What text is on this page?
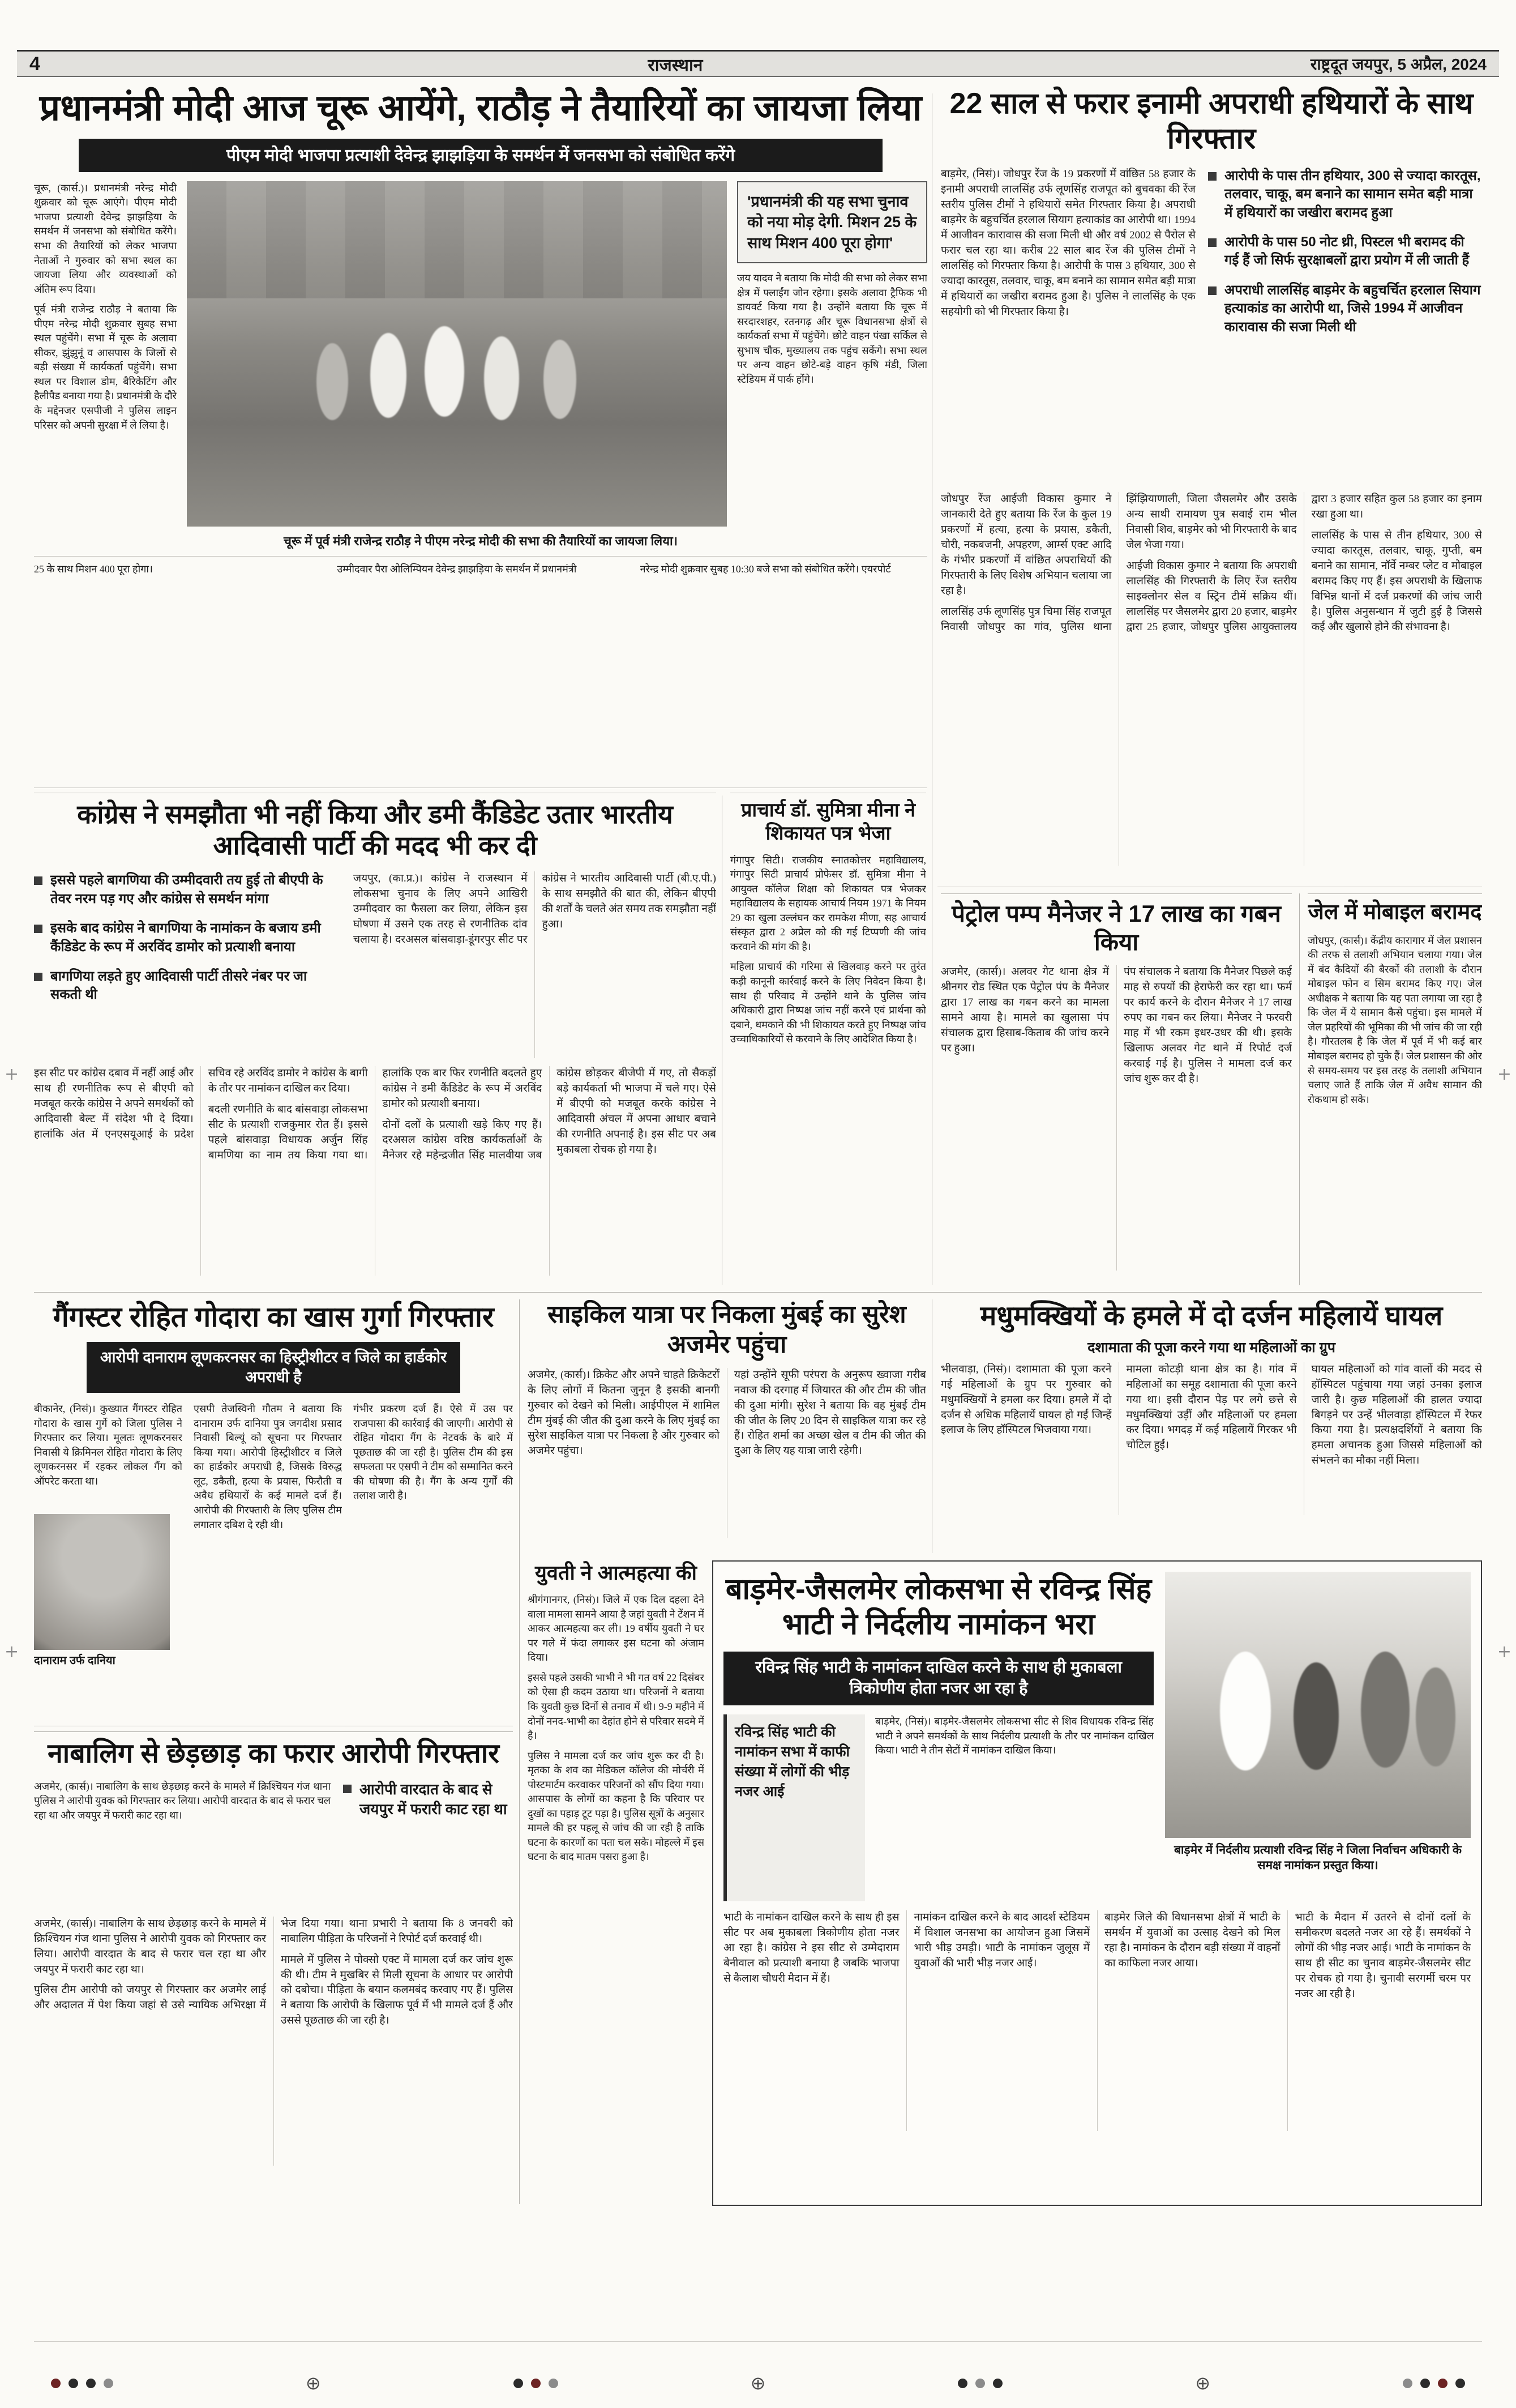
4	राजस्थान	राष्ट्रदूत जयपुर, 5 अप्रैल, 2024
प्रधानमंत्री मोदी आज चूरू आयेंगे, राठौड़ ने तैयारियों का जायजा लिया
पीएम मोदी भाजपा प्रत्याशी देवेन्द्र झाझड़िया के समर्थन में जनसभा को संबोधित करेंगे

चूरू, (कार्स.)। प्रधानमंत्री नरेन्द्र मोदी शुक्रवार को चूरू आएंगे। पीएम मोदी भाजपा प्रत्याशी देवेन्द्र झाझड़िया के समर्थन में जनसभा को संबोधित करेंगे। सभा की तैयारियों को लेकर भाजपा नेताओं ने गुरुवार को सभा स्थल का जायजा लिया और व्यवस्थाओं को अंतिम रूप दिया।

पूर्व मंत्री राजेन्द्र राठौड़ ने बताया कि पीएम नरेन्द्र मोदी शुक्रवार सुबह सभा स्थल पहुंचेंगे। सभा में चूरू के अलावा सीकर, झुंझुनूं व आसपास के जिलों से बड़ी संख्या में कार्यकर्ता पहुंचेंगे। सभा स्थल पर विशाल डोम, बैरिकेटिंग और हैलीपैड बनाया गया है। प्रधानमंत्री के दौरे के मद्देनजर एसपीजी ने पुलिस लाइन परिसर को अपनी सुरक्षा में ले लिया है।

'प्रधानमंत्री की यह सभा चुनाव को नया मोड़ देगी. मिशन 25 के साथ मिशन 400 पूरा होगा'

जय यादव ने बताया कि मोदी की सभा को लेकर सभा क्षेत्र में फ्लाईंग जोन रहेगा। इसके अलावा ट्रैफिक भी डायवर्ट किया गया है। उन्होंने बताया कि चूरू में सरदारशहर, रतनगढ़ और चूरू विधानसभा क्षेत्रों से कार्यकर्ता सभा में पहुंचेंगे। छोटे वाहन पंखा सर्किल से सुभाष चौक, मुख्यालय तक पहुंच सकेंगे। सभा स्थल पर अन्य वाहन छोटे-बड़े वाहन कृषि मंडी, जिला स्टेडियम में पार्क होंगे।

चूरू में पूर्व मंत्री राजेन्द्र राठौड़ ने पीएम नरेन्द्र मोदी की सभा की तैयारियों का जायजा लिया।
25 के साथ मिशन 400 पूरा होगा।	उम्मीदवार पैरा ओलिम्पियन देवेन्द्र झाझड़िया के समर्थन में प्रधानमंत्री	नरेन्द्र मोदी शुक्रवार सुबह 10:30 बजे सभा को संबोधित करेंगे। एयरपोर्ट
22 साल से फरार इनामी अपराधी हथियारों के साथ गिरफ्तार

बाड़मेर, (निसं)। जोधपुर रेंज के 19 प्रकरणों में वांछित 58 हजार के इनामी अपराधी लालसिंह उर्फ लूणसिंह राजपूत को बुचवका की रेंज स्तरीय पुलिस टीमों ने हथियारों समेत गिरफ्तार किया है। अपराधी बाड़मेर के बहुचर्चित हरलाल सियाग हत्याकांड का आरोपी था। 1994 में आजीवन कारावास की सजा मिली थी और वर्ष 2002 से पैरोल से फरार चल रहा था। करीब 22 साल बाद रेंज की पुलिस टीमों ने लालसिंह को गिरफ्तार किया है। आरोपी के पास 3 हथियार, 300 से ज्यादा कारतूस, तलवार, चाकू, बम बनाने का सामान समेत बड़ी मात्रा में हथियारों का जखीरा बरामद हुआ है। पुलिस ने लालसिंह के एक सहयोगी को भी गिरफ्तार किया है।

आरोपी के पास तीन हथियार, 300 से ज्यादा कारतूस, तलवार, चाकू, बम बनाने का सामान समेत बड़ी मात्रा में हथियारों का जखीरा बरामद हुआ
आरोपी के पास 50 नोट थ्री, पिस्टल भी बरामद की गई हैं जो सिर्फ सुरक्षाबलों द्वारा प्रयोग में ली जाती हैं
अपराधी लालसिंह बाड़मेर के बहुचर्चित हरलाल सियाग हत्याकांड का आरोपी था, जिसे 1994 में आजीवन कारावास की सजा मिली थी

जोधपुर रेंज आईजी विकास कुमार ने जानकारी देते हुए बताया कि रेंज के कुल 19 प्रकरणों में हत्या, हत्या के प्रयास, डकैती, चोरी, नकबजनी, अपहरण, आर्म्स एक्ट आदि के गंभीर प्रकरणों में वांछित अपराधियों की गिरफ्तारी के लिए विशेष अभियान चलाया जा रहा है।

लालसिंह उर्फ लूणसिंह पुत्र चिमा सिंह राजपूत निवासी जोधपुर का गांव, पुलिस थाना झिंझियाणाली, जिला जैसलमेर और उसके अन्य साथी रामायण पुत्र सवाई राम भील निवासी शिव, बाड़मेर को भी गिरफ्तारी के बाद जेल भेजा गया।

आईजी विकास कुमार ने बताया कि अपराधी लालसिंह की गिरफ्तारी के लिए रेंज स्तरीय साइक्लोनर सेल व स्ट्रिन टीमें सक्रिय थीं। लालसिंह पर जैसलमेर द्वारा 20 हजार, बाड़मेर द्वारा 25 हजार, जोधपुर पुलिस आयुक्तालय द्वारा 3 हजार सहित कुल 58 हजार का इनाम रखा हुआ था।

लालसिंह के पास से तीन हथियार, 300 से ज्यादा कारतूस, तलवार, चाकू, गुप्ती, बम बनाने का सामान, नॉर्वे नम्बर प्लेट व मोबाइल बरामद किए गए हैं। इस अपराधी के खिलाफ विभिन्न थानों में दर्ज प्रकरणों की जांच जारी है। पुलिस अनुसन्धान में जुटी हुई है जिससे कई और खुलासे होने की संभावना है।

कांग्रेस ने समझौता भी नहीं किया और डमी कैंडिडेट उतार भारतीय आदिवासी पार्टी की मदद भी कर दी
इससे पहले बागणिया की उम्मीदवारी तय हुई तो बीएपी के तेवर नरम पड़ गए और कांग्रेस से समर्थन मांगा
इसके बाद कांग्रेस ने बागणिया के नामांकन के बजाय डमी कैंडिडेट के रूप में अरविंद डामोर को प्रत्याशी बनाया
बागणिया लड़ते हुए आदिवासी पार्टी तीसरे नंबर पर जा सकती थी

जयपुर, (का.प्र.)। कांग्रेस ने राजस्थान में लोकसभा चुनाव के लिए अपने आखिरी उम्मीदवार का फैसला कर लिया, लेकिन इस घोषणा में उसने एक तरह से रणनीतिक दांव चलाया है। दरअसल बांसवाड़ा-डूंगरपुर सीट पर कांग्रेस ने भारतीय आदिवासी पार्टी (बी.ए.पी.) के साथ समझौते की बात की, लेकिन बीएपी की शर्तों के चलते अंत समय तक समझौता नहीं हुआ।

इस सीट पर कांग्रेस दबाव में नहीं आई और साथ ही रणनीतिक रूप से बीएपी को मजबूत करके कांग्रेस ने अपने समर्थकों को आदिवासी बेल्ट में संदेश भी दे दिया। हालांकि अंत में एनएसयूआई के प्रदेश सचिव रहे अरविंद डामोर ने कांग्रेस के बागी के तौर पर नामांकन दाखिल कर दिया।

बदली रणनीति के बाद बांसवाड़ा लोकसभा सीट के प्रत्याशी राजकुमार रोत हैं। इससे पहले बांसवाड़ा विधायक अर्जुन सिंह बामणिया का नाम तय किया गया था। हालांकि एक बार फिर रणनीति बदलते हुए कांग्रेस ने डमी कैंडिडेट के रूप में अरविंद डामोर को प्रत्याशी बनाया।

दोनों दलों के प्रत्याशी खड़े किए गए हैं। दरअसल कांग्रेस वरिष्ठ कार्यकर्ताओं के मैनेजर रहे महेन्द्रजीत सिंह मालवीया जब कांग्रेस छोड़कर बीजेपी में गए, तो सैकड़ों बड़े कार्यकर्ता भी भाजपा में चले गए। ऐसे में बीएपी को मजबूत करके कांग्रेस ने आदिवासी अंचल में अपना आधार बचाने की रणनीति अपनाई है। इस सीट पर अब मुकाबला रोचक हो गया है।

प्राचार्य डॉ. सुमित्रा मीना ने शिकायत पत्र भेजा

गंगापुर सिटी। राजकीय स्नातकोत्तर महाविद्यालय, गंगापुर सिटी प्राचार्य प्रोफेसर डॉ. सुमित्रा मीना ने आयुक्त कॉलेज शिक्षा को शिकायत पत्र भेजकर महाविद्यालय के सहायक आचार्य नियम 1971 के नियम 29 का खुला उल्लंघन कर रामकेश मीणा, सह आचार्य संस्कृत द्वारा 2 अप्रेल को की गई टिप्पणी की जांच करवाने की मांग की है।

महिला प्राचार्य की गरिमा से खिलवाड़ करने पर तुरंत कड़ी कानूनी कार्रवाई करने के लिए निवेदन किया है। साथ ही परिवाद में उन्होंने थाने के पुलिस जांच अधिकारी द्वारा निष्पक्ष जांच नहीं करने एवं प्रार्थना को दबाने, धमकाने की भी शिकायत करते हुए निष्पक्ष जांच उच्चाधिकारियों से करवाने के लिए आदेशित किया है।

पेट्रोल पम्प मैनेजर ने 17 लाख का गबन किया

अजमेर, (कार्स)। अलवर गेट थाना क्षेत्र में श्रीनगर रोड स्थित एक पेट्रोल पंप के मैनेजर द्वारा 17 लाख का गबन करने का मामला सामने आया है। मामले का खुलासा पंप संचालक द्वारा हिसाब-किताब की जांच करने पर हुआ।

पंप संचालक ने बताया कि मैनेजर पिछले कई माह से रुपयों की हेराफेरी कर रहा था। फर्म पर कार्य करने के दौरान मैनेजर ने 17 लाख रुपए का गबन कर लिया। मैनेजर ने फरवरी माह में भी रकम इधर-उधर की थी। इसके खिलाफ अलवर गेट थाने में रिपोर्ट दर्ज करवाई गई है। पुलिस ने मामला दर्ज कर जांच शुरू कर दी है।

जेल में मोबाइल बरामद

जोधपुर, (कार्स)। केंद्रीय कारागार में जेल प्रशासन की तरफ से तलाशी अभियान चलाया गया। जेल में बंद कैदियों की बैरकों की तलाशी के दौरान मोबाइल फोन व सिम बरामद किए गए। जेल अधीक्षक ने बताया कि यह पता लगाया जा रहा है कि जेल में ये सामान कैसे पहुंचा। इस मामले में जेल प्रहरियों की भूमिका की भी जांच की जा रही है। गौरतलब है कि जेल में पूर्व में भी कई बार मोबाइल बरामद हो चुके हैं। जेल प्रशासन की ओर से समय-समय पर इस तरह के तलाशी अभियान चलाए जाते हैं ताकि जेल में अवैध सामान की रोकथाम हो सके।

गैंगस्टर रोहित गोदारा का खास गुर्गा गिरफ्तार
आरोपी दानाराम लूणकरनसर का हिस्ट्रीशीटर व जिले का हार्डकोर अपराधी है
बीकानेर, (निसं)। कुख्यात गैंगस्टर रोहित गोदारा के खास गुर्गे को जिला पुलिस ने गिरफ्तार कर लिया। मूलतः लूणकरनसर निवासी ये क्रिमिनल रोहित गोदारा के लिए लूणकरनसर में रहकर लोकल गैंग को ऑपरेट करता था।
दानाराम उर्फ दानिया
एसपी तेजस्विनी गौतम ने बताया कि दानाराम उर्फ दानिया पुत्र जगदीश प्रसाद निवासी बिल्यूं को सूचना पर गिरफ्तार किया गया। आरोपी हिस्ट्रीशीटर व जिले का हार्डकोर अपराधी है, जिसके विरुद्ध लूट, डकैती, हत्या के प्रयास, फिरौती व अवैध हथियारों के कई मामले दर्ज हैं। आरोपी की गिरफ्तारी के लिए पुलिस टीम लगातार दबिश दे रही थी।
गंभीर प्रकरण दर्ज हैं। ऐसे में उस पर राजपासा की कार्रवाई की जाएगी। आरोपी से रोहित गोदारा गैंग के नेटवर्क के बारे में पूछताछ की जा रही है। पुलिस टीम की इस सफलता पर एसपी ने टीम को सम्मानित करने की घोषणा की है। गैंग के अन्य गुर्गों की तलाश जारी है।
साइकिल यात्रा पर निकला मुंबई का सुरेश अजमेर पहुंचा

अजमेर, (कार्स)। क्रिकेट और अपने चाहते क्रिकेटरों के लिए लोगों में कितना जुनून है इसकी बानगी गुरुवार को देखने को मिली। आईपीएल में शामिल टीम मुंबई की जीत की दुआ करने के लिए मुंबई का सुरेश साइकिल यात्रा पर निकला है और गुरुवार को अजमेर पहुंचा।

यहां उन्होंने सूफी परंपरा के अनुरूप ख्वाजा गरीब नवाज की दरगाह में जियारत की और टीम की जीत की दुआ मांगी। सुरेश ने बताया कि वह मुंबई टीम की जीत के लिए 20 दिन से साइकिल यात्रा कर रहे हैं। रोहित शर्मा का अच्छा खेल व टीम की जीत की दुआ के लिए यह यात्रा जारी रहेगी।

मधुमक्खियों के हमले में दो दर्जन महिलायें घायल
दशामाता की पूजा करने गया था महिलाओं का ग्रुप

भीलवाड़ा, (निसं)। दशामाता की पूजा करने गई महिलाओं के ग्रुप पर गुरुवार को मधुमक्खियों ने हमला कर दिया। हमले में दो दर्जन से अधिक महिलायें घायल हो गईं जिन्हें इलाज के लिए हॉस्पिटल भिजवाया गया।

मामला कोटड़ी थाना क्षेत्र का है। गांव में महिलाओं का समूह दशामाता की पूजा करने गया था। इसी दौरान पेड़ पर लगे छत्ते से मधुमक्खियां उड़ीं और महिलाओं पर हमला कर दिया। भगदड़ में कई महिलायें गिरकर भी चोटिल हुईं।

घायल महिलाओं को गांव वालों की मदद से हॉस्पिटल पहुंचाया गया जहां उनका इलाज जारी है। कुछ महिलाओं की हालत ज्यादा बिगड़ने पर उन्हें भीलवाड़ा हॉस्पिटल में रेफर किया गया है। प्रत्यक्षदर्शियों ने बताया कि हमला अचानक हुआ जिससे महिलाओं को संभलने का मौका नहीं मिला।

युवती ने आत्महत्या की

श्रीगंगानगर, (निसं)। जिले में एक दिल दहला देने वाला मामला सामने आया है जहां युवती ने टेंशन में आकर आत्महत्या कर ली। 19 वर्षीय युवती ने घर पर गले में फंदा लगाकर इस घटना को अंजाम दिया।

इससे पहले उसकी भाभी ने भी गत वर्ष 22 दिसंबर को ऐसा ही कदम उठाया था। परिजनों ने बताया कि युवती कुछ दिनों से तनाव में थी। 9-9 महीने में दोनों ननद-भाभी का देहांत होने से परिवार सदमे में है।

पुलिस ने मामला दर्ज कर जांच शुरू कर दी है। मृतका के शव का मेडिकल कॉलेज की मोर्चरी में पोस्टमार्टम करवाकर परिजनों को सौंप दिया गया। आसपास के लोगों का कहना है कि परिवार पर दुखों का पहाड़ टूट पड़ा है। पुलिस सूत्रों के अनुसार मामले की हर पहलू से जांच की जा रही है ताकि घटना के कारणों का पता चल सके। मोहल्ले में इस घटना के बाद मातम पसरा हुआ है।

नाबालिग से छेड़छाड़ का फरार आरोपी गिरफ्तार
अजमेर, (कार्स)। नाबालिग के साथ छेड़छाड़ करने के मामले में क्रिश्चियन गंज थाना पुलिस ने आरोपी युवक को गिरफ्तार कर लिया। आरोपी वारदात के बाद से फरार चल रहा था और जयपुर में फरारी काट रहा था।
आरोपी वारदात के बाद से जयपुर में फरारी काट रहा था

अजमेर, (कार्स)। नाबालिग के साथ छेड़छाड़ करने के मामले में क्रिश्चियन गंज थाना पुलिस ने आरोपी युवक को गिरफ्तार कर लिया। आरोपी वारदात के बाद से फरार चल रहा था और जयपुर में फरारी काट रहा था।

पुलिस टीम आरोपी को जयपुर से गिरफ्तार कर अजमेर लाई और अदालत में पेश किया जहां से उसे न्यायिक अभिरक्षा में भेज दिया गया। थाना प्रभारी ने बताया कि 8 जनवरी को नाबालिग पीड़िता के परिजनों ने रिपोर्ट दर्ज करवाई थी।

मामले में पुलिस ने पोक्सो एक्ट में मामला दर्ज कर जांच शुरू की थी। टीम ने मुखबिर से मिली सूचना के आधार पर आरोपी को दबोचा। पीड़िता के बयान कलमबंद करवाए गए हैं। पुलिस ने बताया कि आरोपी के खिलाफ पूर्व में भी मामले दर्ज हैं और उससे पूछताछ की जा रही है।

बाड़मेर-जैसलमेर लोकसभा से रविन्द्र सिंह भाटी ने निर्दलीय नामांकन भरा
रविन्द्र सिंह भाटी के नामांकन दाखिल करने के साथ ही मुकाबला त्रिकोणीय होता नजर आ रहा है
रविन्द्र सिंह भाटी की नामांकन सभा में काफी संख्या में लोगों की भीड़ नजर आई

बाड़मेर, (निसं)। बाड़मेर-जैसलमेर लोकसभा सीट से शिव विधायक रविन्द्र सिंह भाटी ने अपने समर्थकों के साथ निर्दलीय प्रत्याशी के तौर पर नामांकन दाखिल किया। भाटी ने तीन सेटों में नामांकन दाखिल किया।

बाड़मेर में निर्दलीय प्रत्याशी रविन्द्र सिंह ने जिला निर्वाचन अधिकारी के समक्ष नामांकन प्रस्तुत किया।

भाटी के नामांकन दाखिल करने के साथ ही इस सीट पर अब मुकाबला त्रिकोणीय होता नजर आ रहा है। कांग्रेस ने इस सीट से उम्मेदाराम बेनीवाल को प्रत्याशी बनाया है जबकि भाजपा से कैलाश चौधरी मैदान में हैं।

नामांकन दाखिल करने के बाद आदर्श स्टेडियम में विशाल जनसभा का आयोजन हुआ जिसमें भारी भीड़ उमड़ी। भाटी के नामांकन जुलूस में युवाओं की भारी भीड़ नजर आई।

बाड़मेर जिले की विधानसभा क्षेत्रों में भाटी के समर्थन में युवाओं का उत्साह देखने को मिल रहा है। नामांकन के दौरान बड़ी संख्या में वाहनों का काफिला नजर आया।

भाटी के मैदान में उतरने से दोनों दलों के समीकरण बदलते नजर आ रहे हैं। समर्थकों ने लोगों की भीड़ नजर आई। भाटी के नामांकन के साथ ही सीट का चुनाव बाड़मेर-जैसलमेर सीट पर रोचक हो गया है। चुनावी सरगर्मी चरम पर नजर आ रही है।

+	+
+	+
⊕	⊕	⊕
